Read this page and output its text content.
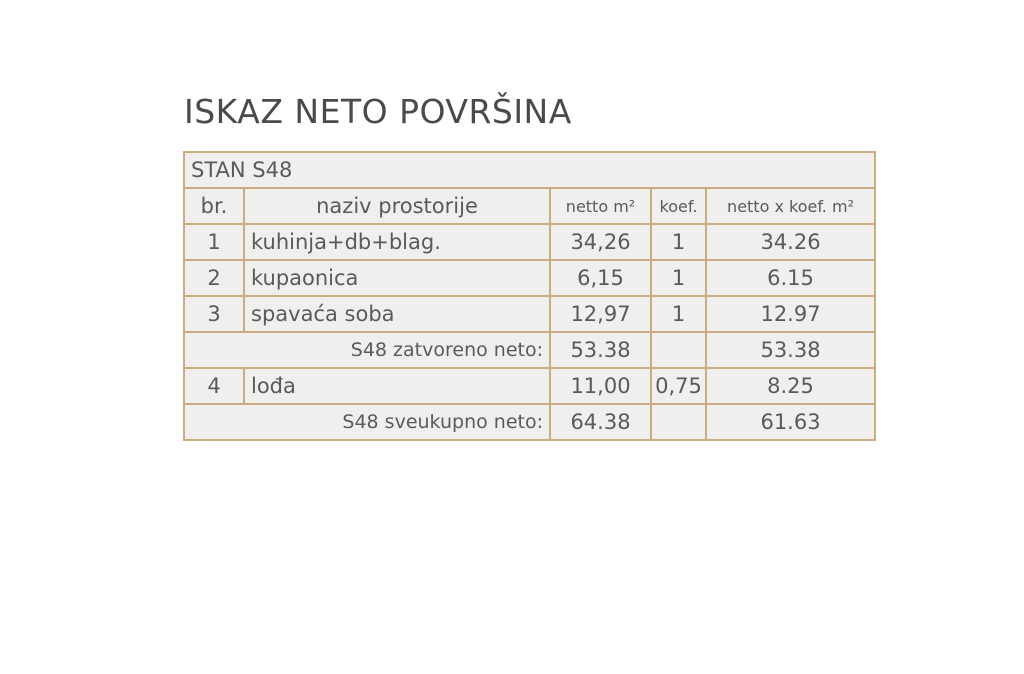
ISKAZ NETO POVRŠINA
STAN S48				
br.	naziv prostorije	netto m²	koef.	netto x koef. m²
1	kuhinja+db+blag.	34,26	1	34.26
2	kupaonica	6,15	1	6.15
3	spavaća soba	12,97	1	12.97
S48 zatvoreno neto:		53.38		53.38
4	lođa	11,00	0,75	8.25
S48 sveukupno neto:		64.38		61.63
